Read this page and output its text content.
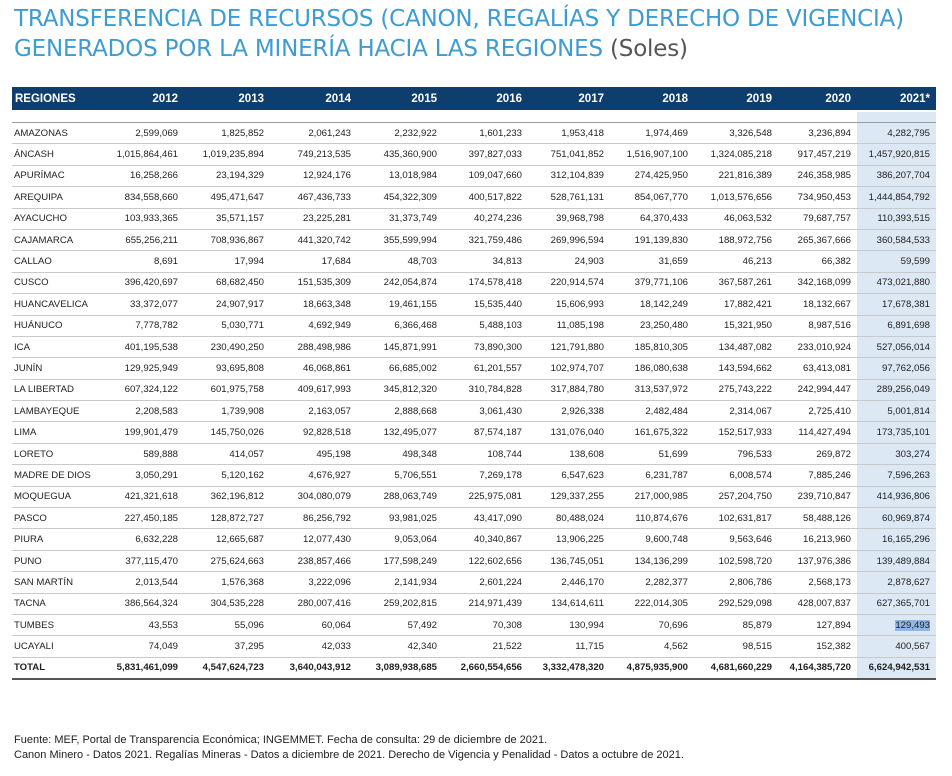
TRANSFERENCIA DE RECURSOS (CANON, REGALÍAS Y DERECHO DE VIGENCIA)
GENERADOS POR LA MINERÍA HACIA LAS REGIONES (Soles)
REGIONES	2012	2013	2014	2015	2016	2017	2018	2019	2020	2021*

AMAZONAS	2,599,069	1,825,852	2,061,243	2,232,922	1,601,233	1,953,418	1,974,469	3,326,548	3,236,894	4,282,795
ÁNCASH	1,015,864,461	1,019,235,894	749,213,535	435,360,900	397,827,033	751,041,852	1,516,907,100	1,324,085,218	917,457,219	1,457,920,815
APURÍMAC	16,258,266	23,194,329	12,924,176	13,018,984	109,047,660	312,104,839	274,425,950	221,816,389	246,358,985	386,207,704
AREQUIPA	834,558,660	495,471,647	467,436,733	454,322,309	400,517,822	528,761,131	854,067,770	1,013,576,656	734,950,453	1,444,854,792
AYACUCHO	103,933,365	35,571,157	23,225,281	31,373,749	40,274,236	39,968,798	64,370,433	46,063,532	79,687,757	110,393,515
CAJAMARCA	655,256,211	708,936,867	441,320,742	355,599,994	321,759,486	269,996,594	191,139,830	188,972,756	265,367,666	360,584,533
CALLAO	8,691	17,994	17,684	48,703	34,813	24,903	31,659	46,213	66,382	59,599
CUSCO	396,420,697	68,682,450	151,535,309	242,054,874	174,578,418	220,914,574	379,771,106	367,587,261	342,168,099	473,021,880
HUANCAVELICA	33,372,077	24,907,917	18,663,348	19,461,155	15,535,440	15,606,993	18,142,249	17,882,421	18,132,667	17,678,381
HUÁNUCO	7,778,782	5,030,771	4,692,949	6,366,468	5,488,103	11,085,198	23,250,480	15,321,950	8,987,516	6,891,698
ICA	401,195,538	230,490,250	288,498,986	145,871,991	73,890,300	121,791,880	185,810,305	134,487,082	233,010,924	527,056,014
JUNÍN	129,925,949	93,695,808	46,068,861	66,685,002	61,201,557	102,974,707	186,080,638	143,594,662	63,413,081	97,762,056
LA LIBERTAD	607,324,122	601,975,758	409,617,993	345,812,320	310,784,828	317,884,780	313,537,972	275,743,222	242,994,447	289,256,049
LAMBAYEQUE	2,208,583	1,739,908	2,163,057	2,888,668	3,061,430	2,926,338	2,482,484	2,314,067	2,725,410	5,001,814
LIMA	199,901,479	145,750,026	92,828,518	132,495,077	87,574,187	131,076,040	161,675,322	152,517,933	114,427,494	173,735,101
LORETO	589,888	414,057	495,198	498,348	108,744	138,608	51,699	796,533	269,872	303,274
MADRE DE DIOS	3,050,291	5,120,162	4,676,927	5,706,551	7,269,178	6,547,623	6,231,787	6,008,574	7,885,246	7,596,263
MOQUEGUA	421,321,618	362,196,812	304,080,079	288,063,749	225,975,081	129,337,255	217,000,985	257,204,750	239,710,847	414,936,806
PASCO	227,450,185	128,872,727	86,256,792	93,981,025	43,417,090	80,488,024	110,874,676	102,631,817	58,488,126	60,969,874
PIURA	6,632,228	12,665,687	12,077,430	9,053,064	40,340,867	13,906,225	9,600,748	9,563,646	16,213,960	16,165,296
PUNO	377,115,470	275,624,663	238,857,466	177,598,249	122,602,656	136,745,051	134,136,299	102,598,720	137,976,386	139,489,884
SAN MARTÍN	2,013,544	1,576,368	3,222,096	2,141,934	2,601,224	2,446,170	2,282,377	2,806,786	2,568,173	2,878,627
TACNA	386,564,324	304,535,228	280,007,416	259,202,815	214,971,439	134,614,611	222,014,305	292,529,098	428,007,837	627,365,701
TUMBES	43,553	55,096	60,064	57,492	70,308	130,994	70,696	85,879	127,894	129,493
UCAYALI	74,049	37,295	42,033	42,340	21,522	11,715	4,562	98,515	152,382	400,567
TOTAL	5,831,461,099	4,547,624,723	3,640,043,912	3,089,938,685	2,660,554,656	3,332,478,320	4,875,935,900	4,681,660,229	4,164,385,720	6,624,942,531
Fuente: MEF, Portal de Transparencia Económica; INGEMMET. Fecha de consulta: 29 de diciembre de 2021.
Canon Minero - Datos 2021. Regalías Mineras - Datos a diciembre de 2021. Derecho de Vigencia y Penalidad - Datos a octubre de 2021.
